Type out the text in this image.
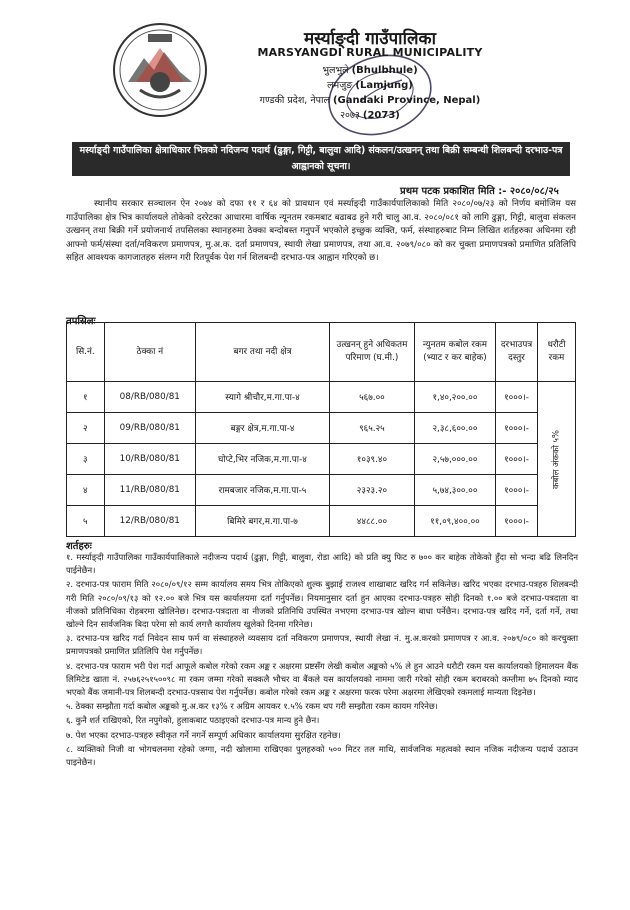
मर्स्याङ्दी गाउँपालिका
MARSYANGDI RURAL MUNICIPALITY
भुलभुले (Bhulbhule)
लमजुङ (Lamjung)
गण्डकी प्रदेश, नेपाल (Gandaki Province, Nepal)
२०७३ (2073)
मर्स्याङ्दी गाउँपालिका क्षेत्राधिकार भित्रको नदिजन्य पदार्थ (ढुङ्गा, गिट्टी, बालुवा आदि) संकलन/उत्खनन् तथा बिक्री सम्बन्धी शिलबन्दी दरभाउ-पत्र आह्वानको सूचना।
प्रथम पटक प्रकाशित मिति :- २०८०/०८/२५
स्थानीय सरकार सञ्चालन ऐन २०७४ को दफा ११ र ६४ को प्रावधान एवं मर्स्याङ्दी गाउँकार्यपालिकाको मिति २०८०/०७/२३ को निर्णय बमोजिम यस गाउँपालिका क्षेत्र भित्र कार्यालयले तोकेको दररेटका आधारमा वार्षिक न्यूनतम रकमबाट बढाबढ हुने गरी चालु आ.व. २०८०/०८१ को लागि ढुङ्गा, गिट्टी, बालुवा संकलन उत्खनन् तथा बिक्री गर्ने प्रयोजनार्थ तपसिलका स्थानहरुमा ठेक्का बन्दोबस्त गनुपर्ने भएकोले इच्छुक व्यक्ति, फर्म, संस्थाहरुबाट निम्न लिखित शर्तहरुका अधिनमा रही आफ्नो फर्म/संस्था दर्ता/नविकरण प्रमाणपत्र, मु.अ.क. दर्ता प्रमाणपत्र, स्थायी लेखा प्रमाणपत्र, तथा आ.व. २०७९/०८० को कर चुक्ता प्रमाणपत्रको प्रमाणित प्रतिलिपि सहित आवश्यक कागजातहरु संलग्न गरी रितपूर्वक पेश गर्न शिलबन्दी दरभाउ-पत्र आह्वान गरिएको छ।
तपसिलः
सि.नं.	ठेक्का नं	बगर तथा नदी क्षेत्र	उत्खनन् हुने अधिकतम परिमाण (घ.मी.)	न्युनतम कबोल रकम (भ्याट र कर बाहेक)	दरभाउपत्र दस्तुर	धरौटी रकम
१	08/RB/080/81	स्यागे श्रीचौर,म.गा.पा-४	५६७.००	१,४०,२००.००	१०००।-	कबोल अंकको ५%
२	09/RB/080/81	बङ्गर क्षेत्र,म.गा.पा-४	९६५.२५	२,३८,६००.००	१०००।-	
३	10/RB/080/81	घोप्टे,भिर नजिक,म.गा.पा-४	१०३९.४०	२,५७,०००.००	१०००।-	
४	11/RB/080/81	रामबजार नजिक,म.गा.पा-५	२३२३.२०	५,७४,३००.००	१०००।-	
५	12/RB/080/81	बिमिरे बगर,म.गा.पा-७	४४८८.००	११,०९,४००.००	१०००।-	
शर्तहरुः

१. मर्स्याङ्दी गाउँपालिका गाउँकार्यपालिकाले नदीजन्य पदार्थ (ढुङ्गा, गिट्टी, बालुवा, रोडा आदि) को प्रति क्यु फिट रु ७०० कर बाहेक तोकेको हुँदा सो भन्दा बढि लिनदिन पाईनेछैन।

२. दरभाउ-पत्र फाराम मिति २०८०/०९/१२ सम्म कार्यालय समय भित्र तोकिएको शुल्क बुझाई राजश्व शाखाबाट खरिद गर्न सकिनेछ। खरिद भएका दरभाउ-पत्रहरु शिलबन्दी गरी मिति २०८०/०९/१३ को १२.०० बजे भित्र यस कार्यालयमा दर्ता गर्नुपर्नेछ। नियमानुसार दर्ता हुन आएका दरभाउ-पत्रहरु सोही दिनको १.०० बजे दरभाउ-पत्रदाता वा नीजको प्रतिनिधिका रोहबरमा खोलिनेछ। दरभाउ-पत्रदाता वा नीजको प्रतिनिधि उपस्थित नभएमा दरभाउ-पत्र खोल्न बाधा पर्नेछैन। दरभाउ-पत्र खरिद गर्ने, दर्ता गर्ने, तथा खोल्ने दिन सार्वजनिक बिदा परेमा सो कार्य लगत्तै कार्यालय खुलेको दिनमा गरिनेछ।

३. दरभाउ-पत्र खरिद गर्दा निवेदन साथ फर्म वा संस्थाहरुले व्यवसाय दर्ता नविकरण प्रमाणपत्र, स्थायी लेखा नं. मु.अ.करको प्रमाणपत्र र आ.व. २०७९/०८० को करचुक्ता प्रमाणपत्रको प्रमाणित प्रतिलिपि पेश गर्नुपर्नेछ।

४. दरभाउ-पत्र फाराम भरी पेश गर्दा आफूले कबोल गरेको रकम अङ्क र अक्षरमा प्रष्टसँग लेखी कबोल अङ्कको ५% ले हुन आउने धरौटी रकम यस कार्यालयको हिमालयन बैंक लिमिटेड खाता नं. २५७६२५१५००९८ मा रकम जम्मा गरेको सक्कलै भौचर वा बैंकले यस कार्यालयको नाममा जारी गरेको सोही रकम बराबरको कम्तीमा ७५ दिनको म्याद भएको बैंक जमानी-पत्र शिलबन्दी दरभाउ-पत्रसाथ पेश गर्नुपर्नेछ। कबोल गरेको रकम अङ्क र अक्षरमा फरक परेमा अक्षरमा लेखिएको रकमलाई मान्यता दिइनेछ।

५. ठेक्का सम्झौता गर्दा कबोल अङ्कको मु.अ.कर १३% र अग्रिम आयकर १.५% रकम थप गरी सम्झौता रकम कायम गरिनेछ।

६. कुनै शर्त राखिएको, रित नपुगेको, हुलाकबाट पठाइएको दरभाउ-पत्र मान्य हुने छैन।

७. पेश भएका दरभाउ-पत्रहरु स्वीकृत गर्ने नगर्ने सम्पूर्ण अधिकार कार्यालयमा सुरक्षित रहनेछ।

८. व्यक्तिको निजी वा भोगचलनमा रहेको जग्गा, नदी खोलामा राखिएका पुलहरुको ५०० मिटर तल माथि, सार्वजनिक महत्वको स्थान नजिक नदीजन्य पदार्थ उठाउन पाइनेछैन।
